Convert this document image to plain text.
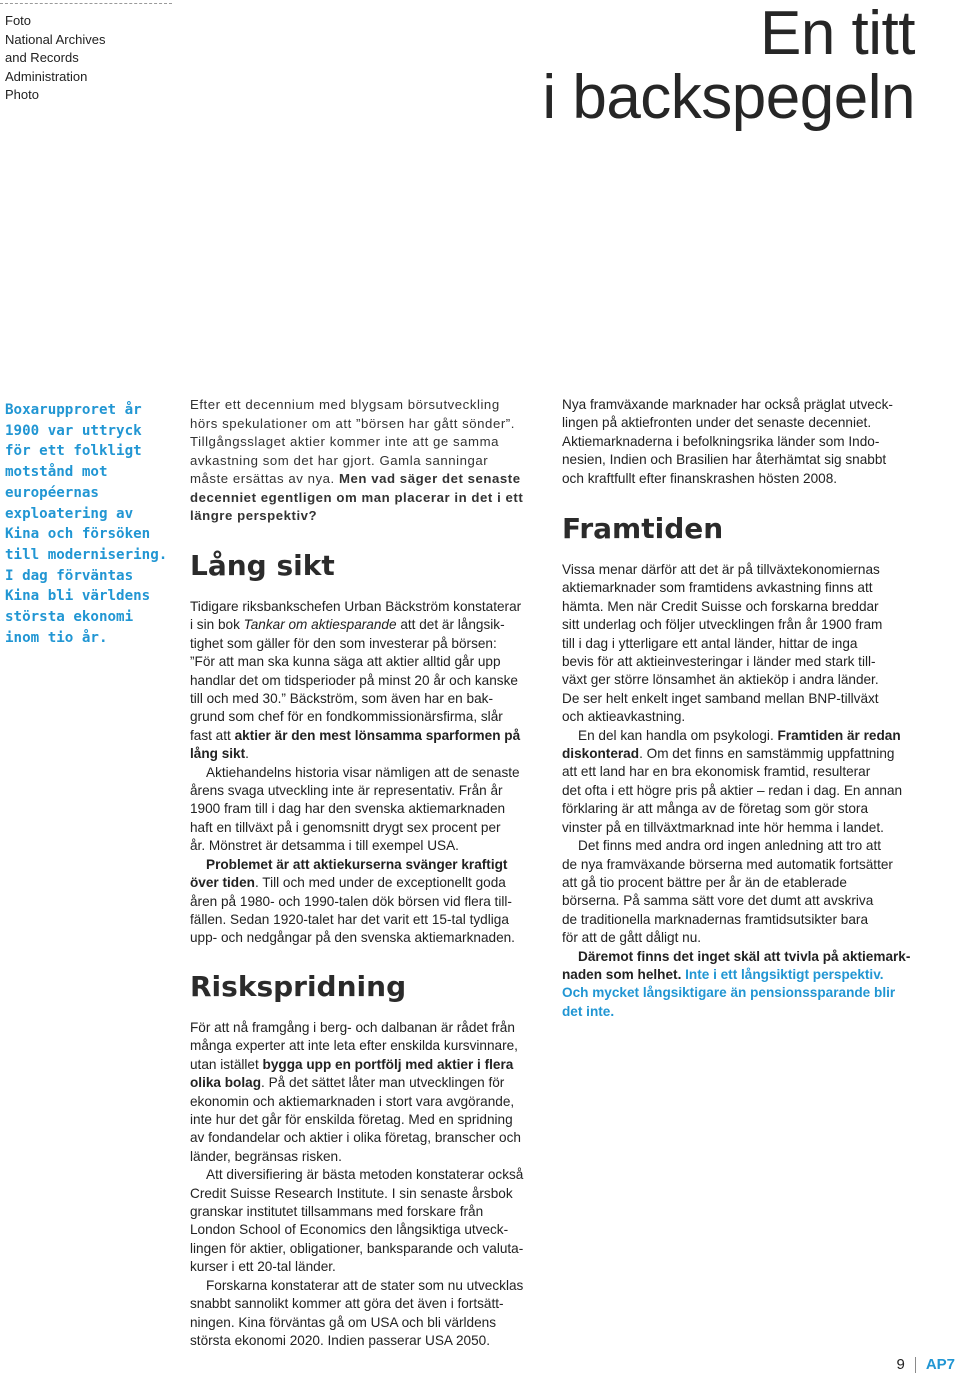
Foto
National Archives
and Records
Administration
Photo
En titt
i backspegeln
Boxarupproret år
1900 var uttryck
för ett folkligt
motstånd mot
européernas
exploatering av
Kina och försöken
till modernisering.
I dag förväntas
Kina bli världens
största ekonomi
inom tio år.
Efter ett decennium med blygsam börsutveckling
hörs spekulationer om att ”börsen har gått sönder”.
Tillgångsslaget aktier kommer inte att ge samma
avkastning som det har gjort. Gamla sanningar
måste ersättas av nya. Men vad säger det senaste
decenniet egentligen om man placerar in det i ett
längre perspektiv?
Lång sikt
Tidigare riksbankschefen Urban Bäckström konstaterar
i sin bok Tankar om aktiesparande att det är långsik-
tighet som gäller för den som investerar på börsen:
”För att man ska kunna säga att aktier alltid går upp
handlar det om tidsperioder på minst 20 år och kanske
till och med 30.” Bäckström, som även har en bak-
grund som chef för en fondkommissionärsfirma, slår
fast att aktier är den mest lönsamma sparformen på
lång sikt.
Aktiehandelns historia visar nämligen att de senaste
årens svaga utveckling inte är representativ. Från år
1900 fram till i dag har den svenska aktiemarknaden
haft en tillväxt på i genomsnitt drygt sex procent per
år. Mönstret är detsamma i till exempel USA.
Problemet är att aktiekurserna svänger kraftigt
över tiden. Till och med under de exceptionellt goda
åren på 1980- och 1990-talen dök börsen vid flera till-
fällen. Sedan 1920-talet har det varit ett 15-tal tydliga
upp- och nedgångar på den svenska aktiemarknaden.
Riskspridning
För att nå framgång i berg- och dalbanan är rådet från
många experter att inte leta efter enskilda kursvinnare,
utan istället bygga upp en portfölj med aktier i flera
olika bolag. På det sättet låter man utvecklingen för
ekonomin och aktiemarknaden i stort vara avgörande,
inte hur det går för enskilda företag. Med en spridning
av fondandelar och aktier i olika företag, branscher och
länder, begränsas risken.
Att diversifiering är bästa metoden konstaterar också
Credit Suisse Research Institute. I sin senaste årsbok
granskar institutet tillsammans med forskare från
London School of Economics den långsiktiga utveck-
lingen för aktier, obligationer, banksparande och valuta-
kurser i ett 20-tal länder.
Forskarna konstaterar att de stater som nu utvecklas
snabbt sannolikt kommer att göra det även i fortsätt-
ningen. Kina förväntas gå om USA och bli världens
största ekonomi 2020. Indien passerar USA 2050.
Nya framväxande marknader har också präglat utveck-
lingen på aktiefronten under det senaste decenniet.
Aktiemarknaderna i befolkningsrika länder som Indo-
nesien, Indien och Brasilien har återhämtat sig snabbt
och kraftfullt efter finanskrashen hösten 2008.
Framtiden
Vissa menar därför att det är på tillväxtekonomiernas
aktiemarknader som framtidens avkastning finns att
hämta. Men när Credit Suisse och forskarna breddar
sitt underlag och följer utvecklingen från år 1900 fram
till i dag i ytterligare ett antal länder, hittar de inga
bevis för att aktieinvesteringar i länder med stark till-
växt ger större lönsamhet än aktieköp i andra länder.
De ser helt enkelt inget samband mellan BNP-tillväxt
och aktieavkastning.
En del kan handla om psykologi. Framtiden är redan
diskonterad. Om det finns en samstämmig uppfattning
att ett land har en bra ekonomisk framtid, resulterar
det ofta i ett högre pris på aktier – redan i dag. En annan
förklaring är att många av de företag som gör stora
vinster på en tillväxtmarknad inte hör hemma i landet.
Det finns med andra ord ingen anledning att tro att
de nya framväxande börserna med automatik fortsätter
att gå tio procent bättre per år än de etablerade
börserna. På samma sätt vore det dumt att avskriva
de traditionella marknadernas framtidsutsikter bara
för att de gått dåligt nu.
Däremot finns det inget skäl att tvivla på aktiemark-
naden som helhet. Inte i ett långsiktigt perspektiv.
Och mycket långsiktigare än pensionssparande blir
det inte.
9 AP7
